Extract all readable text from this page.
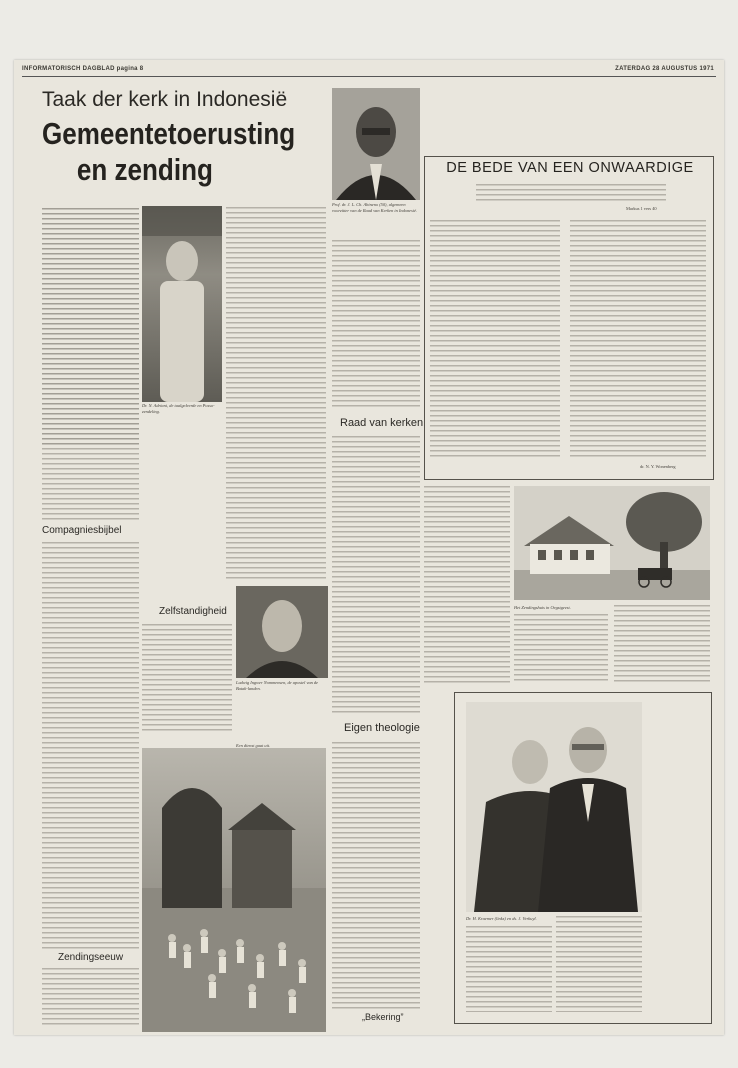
INFORMATORISCH DAGBLAD pagina 8	ZATERDAG 28 AUGUSTUS 1971
Taak der kerk in Indonesië
Gemeentetoerusting
en zending
Dr. N. Adriani, de taalgeleerde en Posso-zendeling.
Compagniesbijbel
Zendingseeuw
Ludwig Ingwer Nommensen, de apostel van de Batak-landen.
Zelfstandigheid
Een dienst gaat uit.
Prof. dr. J. L. Ch. Abineno (50), algemeen voorzitter van de Raad van Kerken in Indonesië.
Raad van kerken
Eigen theologie
„Bekering”
DE BEDE VAN EEN ONWAARDIGE
Markus 1 vers 40
dr. N. Y. Wonenberg
Het Zendingshuis in Oegstgeest.
Dr. H. Kraemer (links) en ds. J. Verkuyl.
